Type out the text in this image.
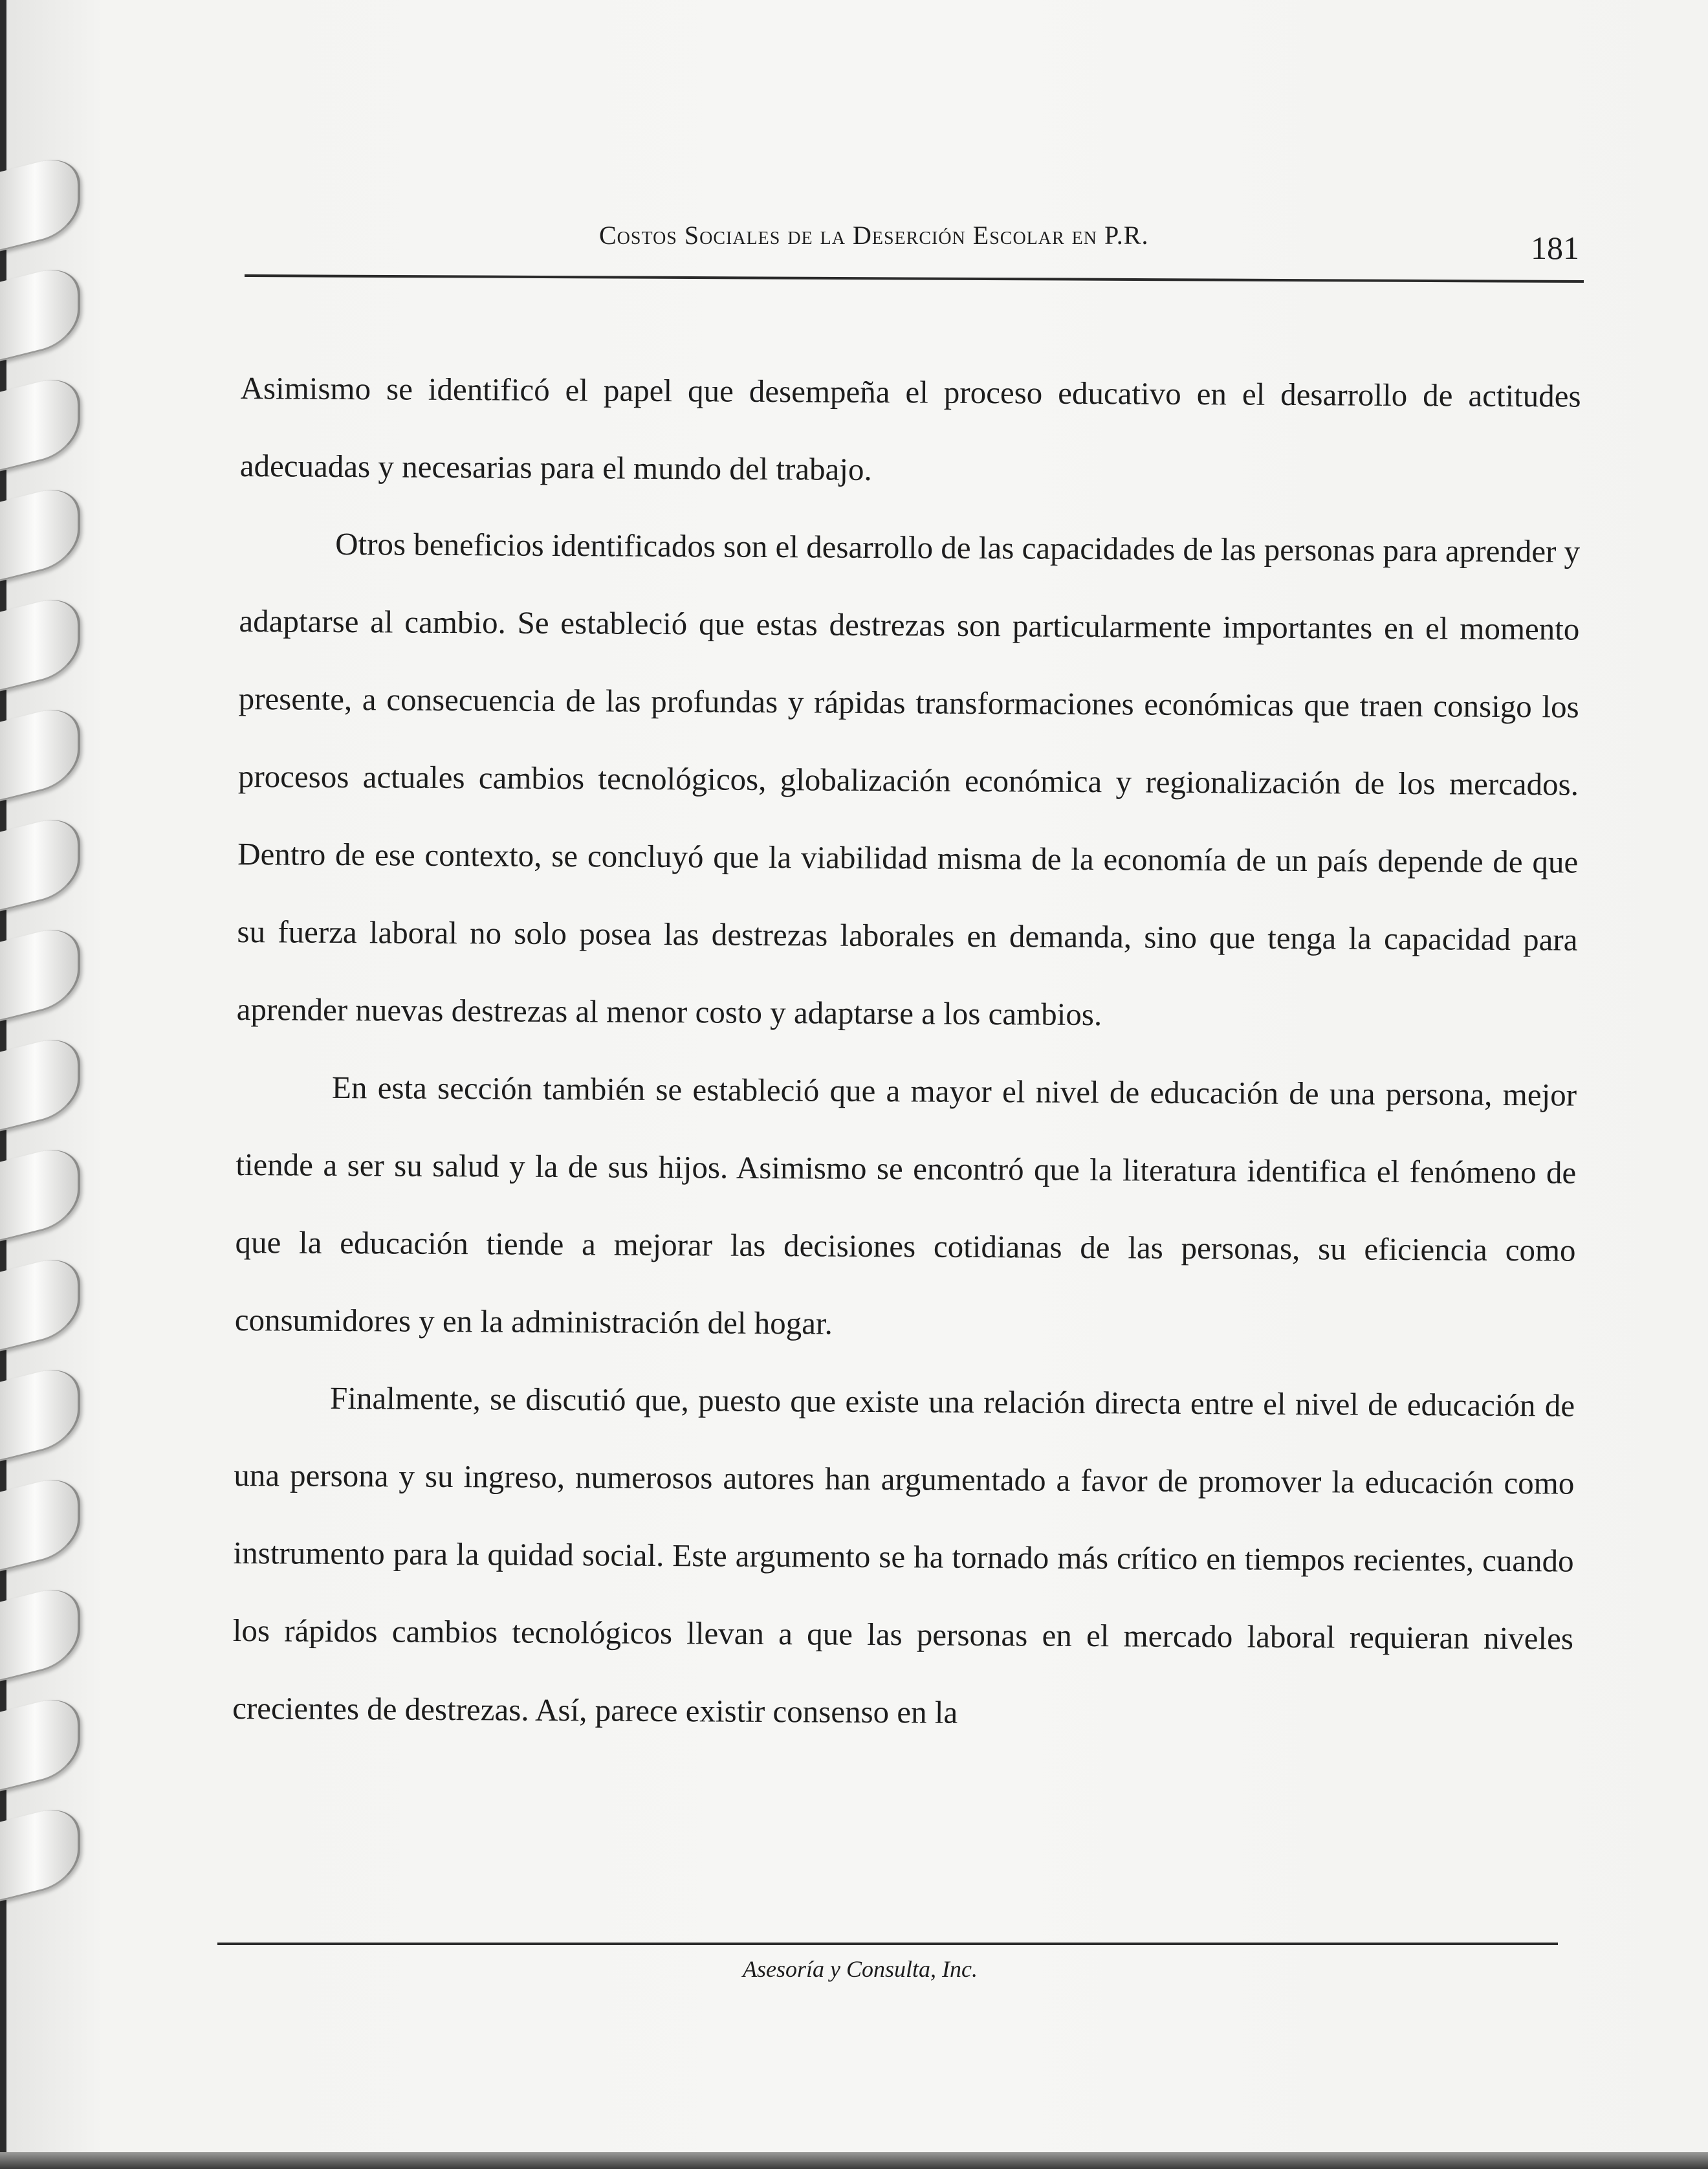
Costos Sociales de la Deserción Escolar en P.R.	181

Asimismo se identificó el papel que desempeña el proceso educativo en el desarrollo de actitudes adecuadas y necesarias para el mundo del trabajo.

Otros beneficios identificados son el desarrollo de las capacidades de las personas para aprender y adaptarse al cambio. Se estableció que estas destrezas son particularmente importantes en el momento presente, a consecuencia de las profundas y rápidas transformaciones económicas que traen consigo los procesos actuales cambios tecnológicos, globalización económica y regionalización de los mercados. Dentro de ese contexto, se concluyó que la viabilidad misma de la economía de un país depende de que su fuerza laboral no solo posea las destrezas laborales en demanda, sino que tenga la capacidad para aprender nuevas destrezas al menor costo y adaptarse a los cambios.

En esta sección también se estableció que a mayor el nivel de educación de una persona, mejor tiende a ser su salud y la de sus hijos. Asimismo se encontró que la literatura identifica el fenómeno de que la educación tiende a mejorar las decisiones cotidianas de las personas, su eficiencia como consumidores y en la administración del hogar.

Finalmente, se discutió que, puesto que existe una relación directa entre el nivel de educación de una persona y su ingreso, numerosos autores han argumentado a favor de promover la educación como instrumento para la quidad social. Este argumento se ha tornado más crítico en tiempos recientes, cuando los rápidos cambios tecnológicos llevan a que las personas en el mercado laboral requieran niveles crecientes de destrezas. Así, parece existir consenso en la

Asesoría y Consulta, Inc.
